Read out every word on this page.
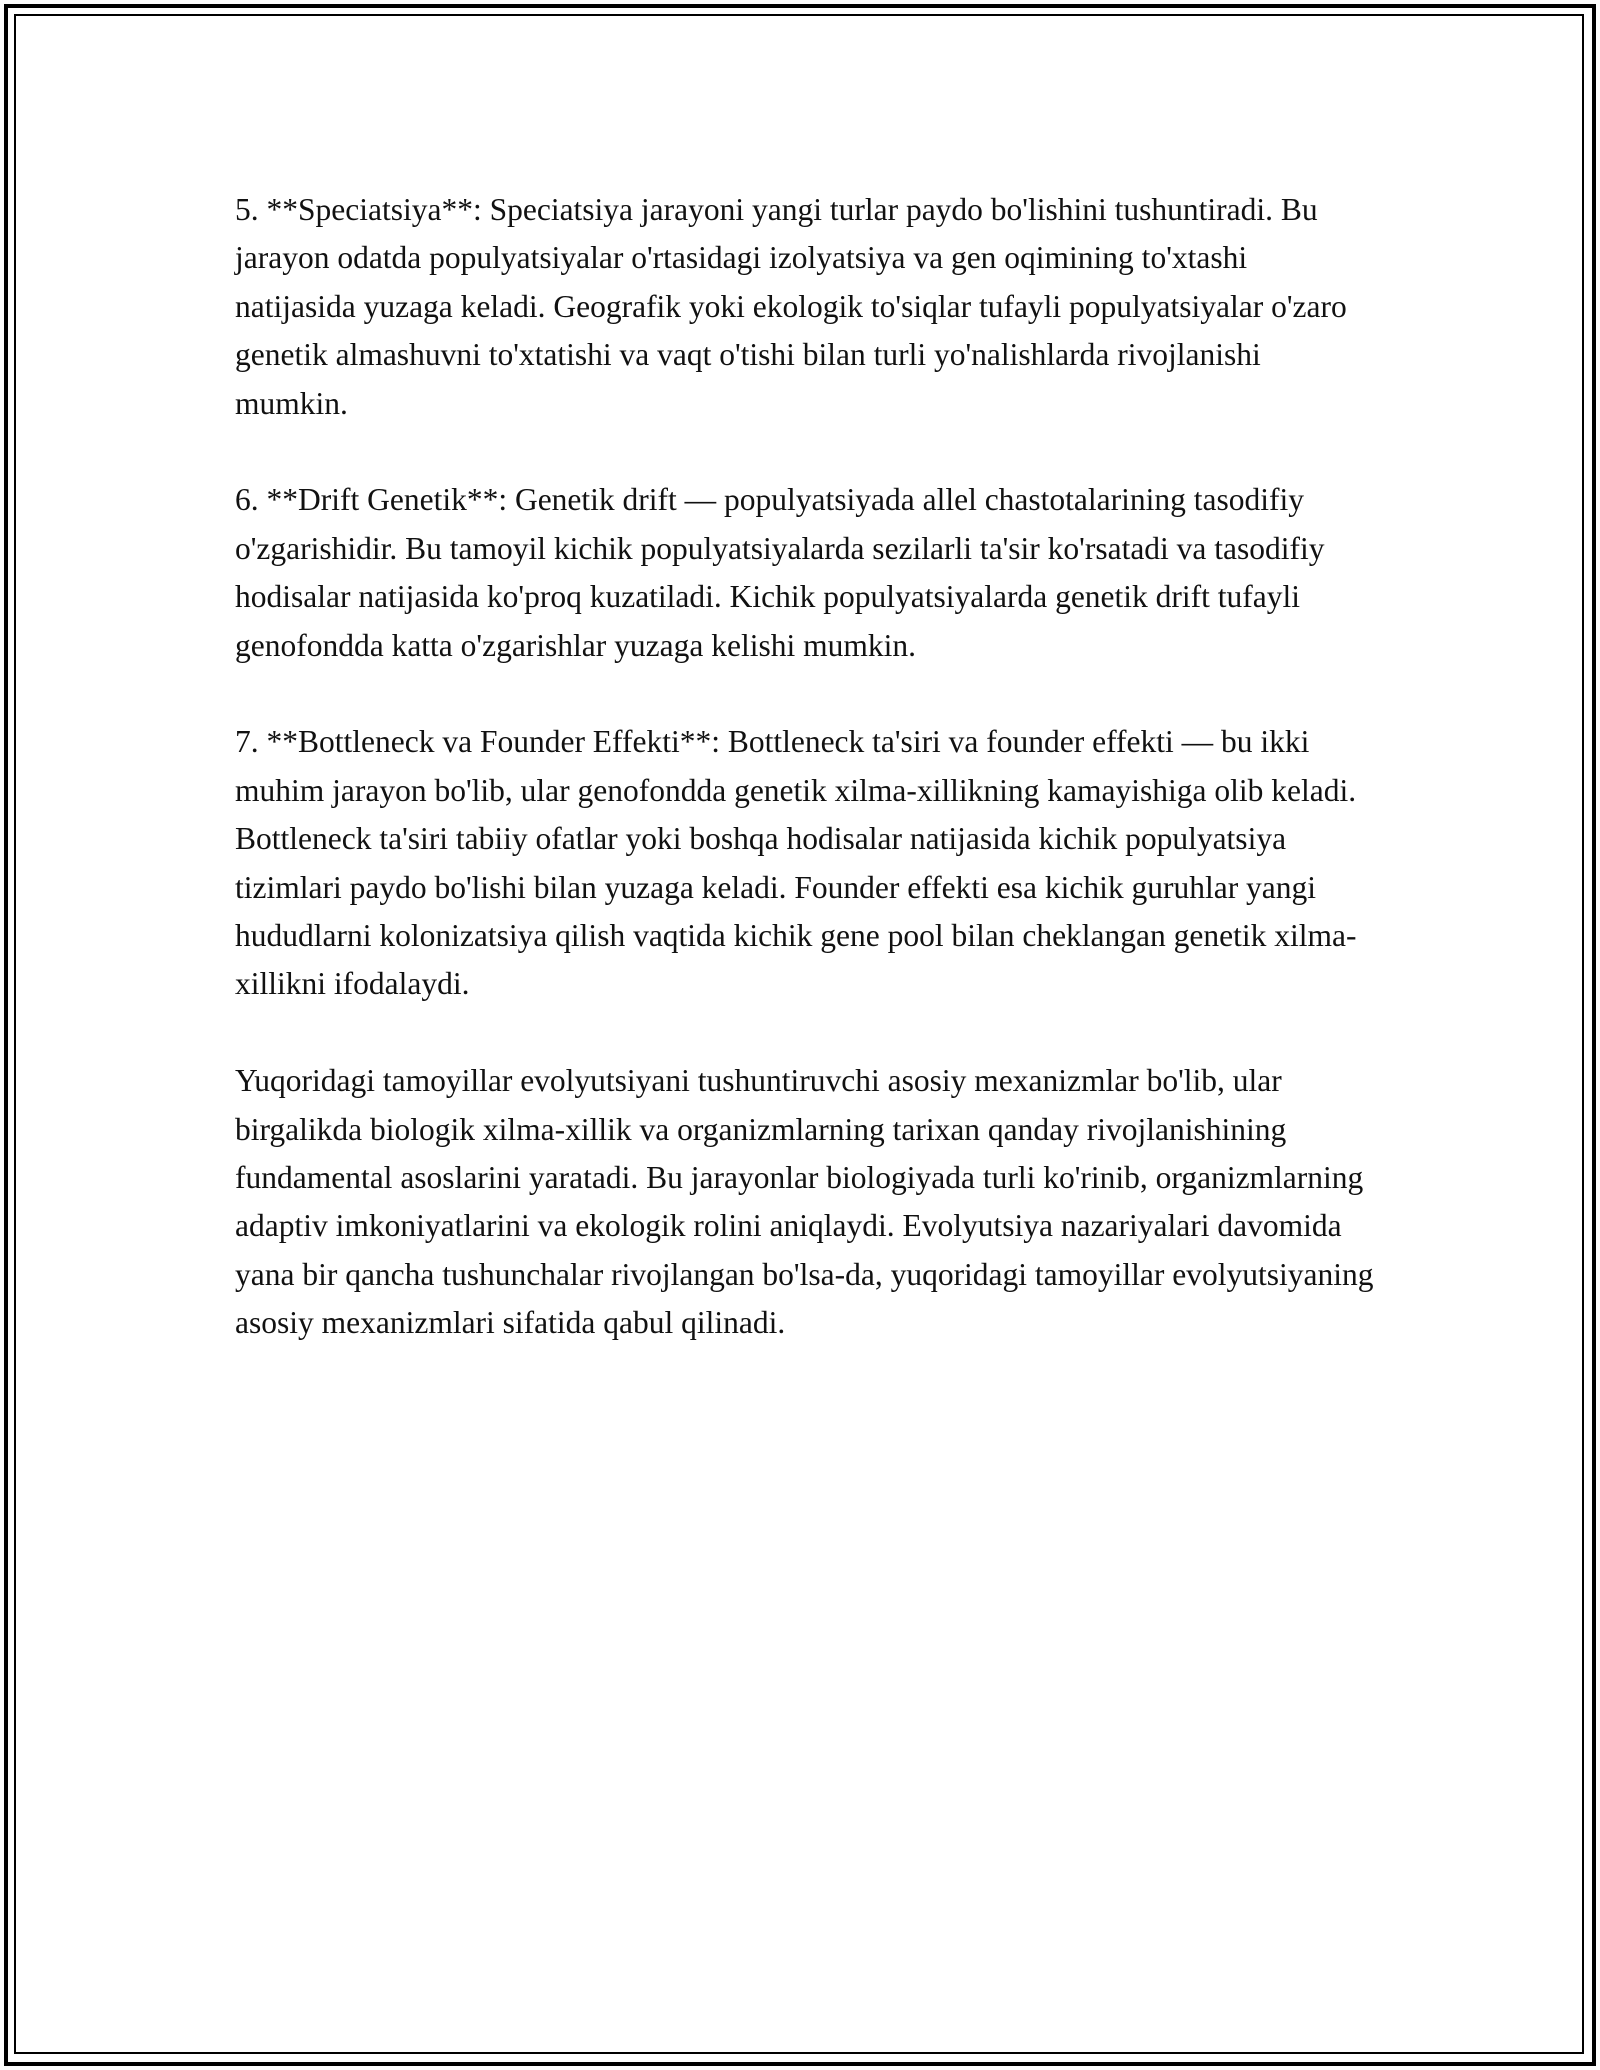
5. **Speciatsiya**: Speciatsiya jarayoni yangi turlar paydo bo'lishini tushuntiradi. Bu jarayon odatda populyatsiyalar o'rtasidagi izolyatsiya va gen oqimining to'xtashi natijasida yuzaga keladi. Geografik yoki ekologik to'siqlar tufayli populyatsiyalar o'zaro genetik almashuvni to'xtatishi va vaqt o'tishi bilan turli yo'nalishlarda rivojlanishi mumkin.

6. **Drift Genetik**: Genetik drift — populyatsiyada allel chastotalarining tasodifiy o'zgarishidir. Bu tamoyil kichik populyatsiyalarda sezilarli ta'sir ko'rsatadi va tasodifiy hodisalar natijasida ko'proq kuzatiladi. Kichik populyatsiyalarda genetik drift tufayli genofondda katta o'zgarishlar yuzaga kelishi mumkin.

7. **Bottleneck va Founder Effekti**: Bottleneck ta'siri va founder effekti — bu ikki muhim jarayon bo'lib, ular genofondda genetik xilma-xillikning kamayishiga olib keladi. Bottleneck ta'siri tabiiy ofatlar yoki boshqa hodisalar natijasida kichik populyatsiya tizimlari paydo bo'lishi bilan yuzaga keladi. Founder effekti esa kichik guruhlar yangi hududlarni kolonizatsiya qilish vaqtida kichik gene pool bilan cheklangan genetik xilma-xillikni ifodalaydi.

Yuqoridagi tamoyillar evolyutsiyani tushuntiruvchi asosiy mexanizmlar bo'lib, ular birgalikda biologik xilma-xillik va organizmlarning tarixan qanday rivojlanishining fundamental asoslarini yaratadi. Bu jarayonlar biologiyada turli ko'rinib, organizmlarning adaptiv imkoniyatlarini va ekologik rolini aniqlaydi. Evolyutsiya nazariyalari davomida yana bir qancha tushunchalar rivojlangan bo'lsa-da, yuqoridagi tamoyillar evolyutsiyaning asosiy mexanizmlari sifatida qabul qilinadi.
